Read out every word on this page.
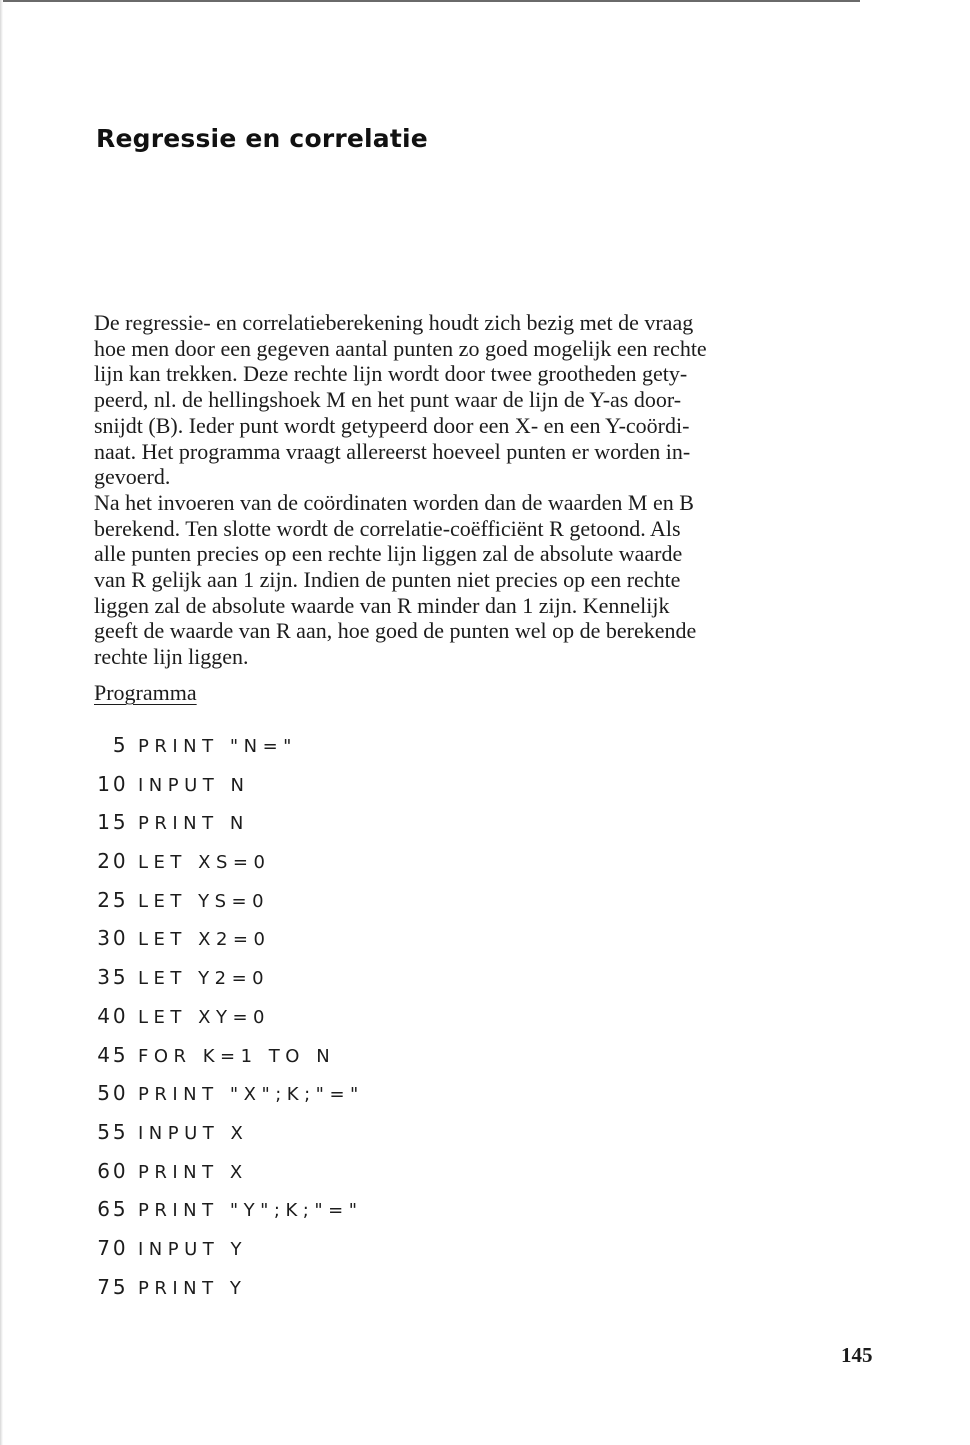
Regressie en correlatie

De regressie- en correlatieberekening houdt zich bezig met de vraag
hoe men door een gegeven aantal punten zo goed mogelijk een rechte
lijn kan trekken. Deze rechte lijn wordt door twee grootheden gety-
peerd, nl. de hellingshoek M en het punt waar de lijn de Y-as door-
snijdt (B). Ieder punt wordt getypeerd door een X- en een Y-coördi-
naat. Het programma vraagt allereerst hoeveel punten er worden in-
gevoerd.
Na het invoeren van de coördinaten worden dan de waarden M en B
berekend. Ten slotte wordt de correlatie-coëfficiënt R getoond. Als
alle punten precies op een rechte lijn liggen zal de absolute waarde
van R gelijk aan 1 zijn. Indien de punten niet precies op een rechte
liggen zal de absolute waarde van R minder dan 1 zijn. Kennelijk
geeft de waarde van R aan, hoe goed de punten wel op de berekende
rechte lijn liggen.

Programma

5 PRINT "N="
10 INPUT N
15 PRINT N
20 LET XS=0
25 LET YS=0
30 LET X2=0
35 LET Y2=0
40 LET XY=0
45 FOR K=1 TO N
50 PRINT "X";K;"="
55 INPUT X
60 PRINT X
65 PRINT "Y";K;"="
70 INPUT Y
75 PRINT Y

145
